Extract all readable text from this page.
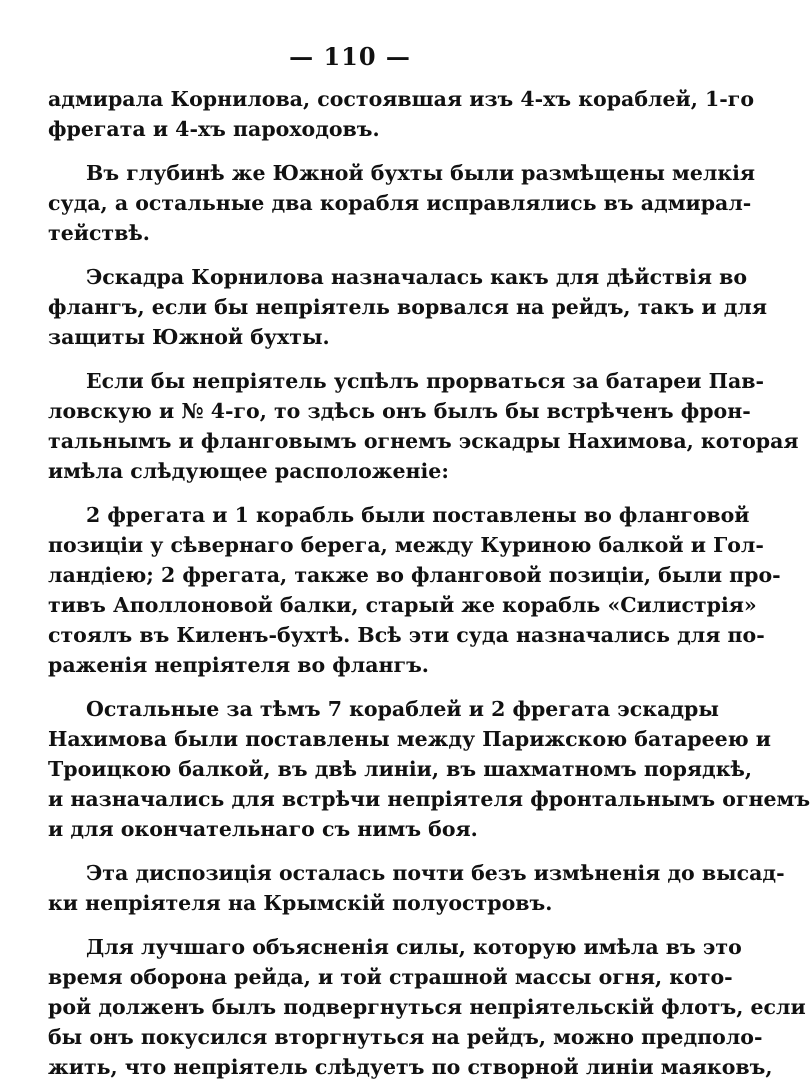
— 110 —
адмирала Корнилова, состоявшая изъ 4-хъ кораблей, 1-го
фрегата и 4-хъ пароходовъ.
Въ глубинѣ же Южной бухты были размѣщены мелкія
суда, а остальные два корабля исправлялись въ адмирал-
тействѣ.
Эскадра Корнилова назначалась какъ для дѣйствія во
флангъ, если бы непріятель ворвался на рейдъ, такъ и для
защиты Южной бухты.
Если бы непріятель успѣлъ прорваться за батареи Пав-
ловскую и № 4-го, то здѣсь онъ былъ бы встрѣченъ фрон-
тальнымъ и фланговымъ огнемъ эскадры Нахимова, которая
имѣла слѣдующее расположеніе:
2 фрегата и 1 корабль были поставлены во фланговой
позиціи у сѣвернаго берега, между Куриною балкой и Гол-
ландіею; 2 фрегата, также во фланговой позиціи, были про-
тивъ Аполлоновой балки, старый же корабль «Силистрія»
стоялъ въ Киленъ-бухтѣ. Всѣ эти суда назначались для по-
раженія непріятеля во флангъ.
Остальные за тѣмъ 7 кораблей и 2 фрегата эскадры
Нахимова были поставлены между Парижскою батареею и
Троицкою балкой, въ двѣ линіи, въ шахматномъ порядкѣ,
и назначались для встрѣчи непріятеля фронтальнымъ огнемъ
и для окончательнаго съ нимъ боя.
Эта диспозиція осталась почти безъ измѣненія до высад-
ки непріятеля на Крымскій полуостровъ.
Для лучшаго объясненія силы, которую имѣла въ это
время оборона рейда, и той страшной массы огня, кото-
рой долженъ былъ подвергнуться непріятельскій флотъ, если
бы онъ покусился вторгнуться на рейдъ, можно предполо-
жить, что непріятель слѣдуетъ по створной линіи маяковъ,
